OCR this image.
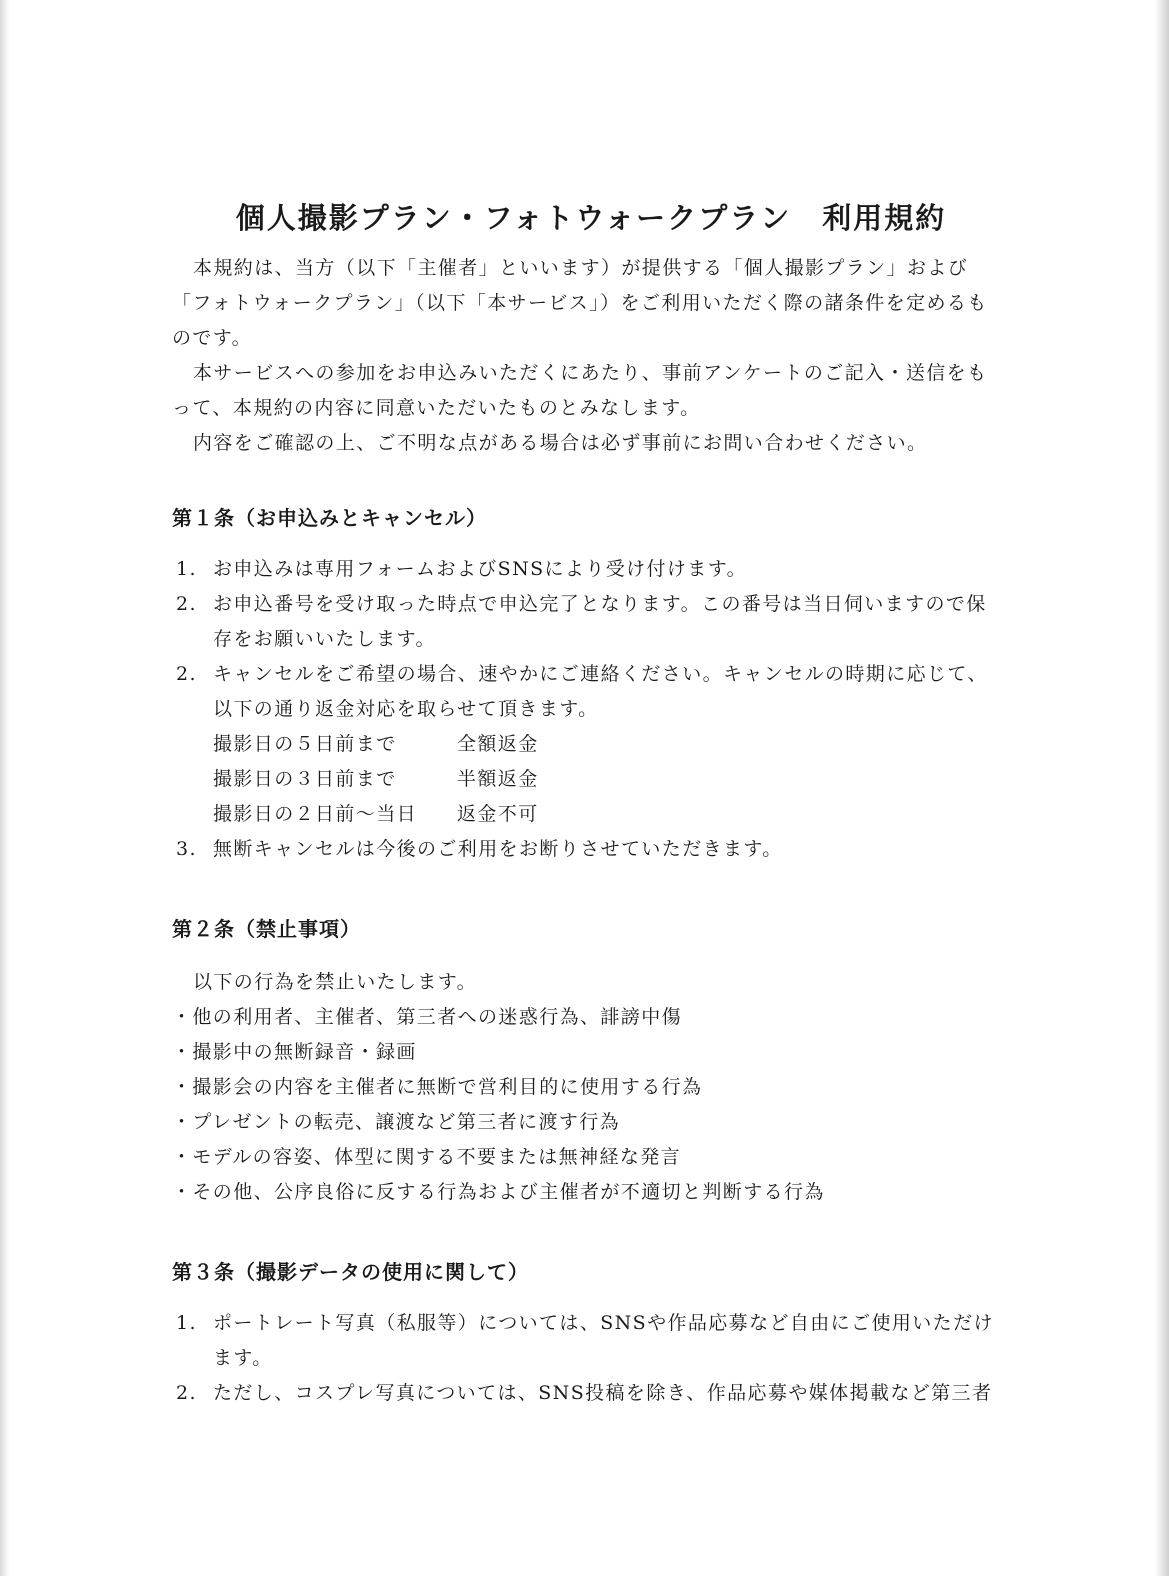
個人撮影プラン・フォトウォークプラン　利用規約

本規約は、当方（以下「主催者」といいます）が提供する「個人撮影プラン」および「フォトウォークプラン」（以下「本サービス」）をご利用いただく際の諸条件を定めるものです。

本サービスへの参加をお申込みいただくにあたり、事前アンケートのご記入・送信をもって、本規約の内容に同意いただいたものとみなします。

内容をご確認の上、ご不明な点がある場合は必ず事前にお問い合わせください。

第１条（お申込みとキャンセル）
1. お申込みは専用フォームおよびSNSにより受け付けます。
2. お申込番号を受け取った時点で申込完了となります。この番号は当日伺いますので保存をお願いいたします。
2. キャンセルをご希望の場合、速やかにご連絡ください。キャンセルの時期に応じて、以下の通り返金対応を取らせて頂きます。
撮影日の５日前まで	全額返金
撮影日の３日前まで	半額返金
撮影日の２日前〜当日	返金不可
3. 無断キャンセルは今後のご利用をお断りさせていただきます。
第２条（禁止事項）

以下の行為を禁止いたします。

・他の利用者、主催者、第三者への迷惑行為、誹謗中傷
・撮影中の無断録音・録画
・撮影会の内容を主催者に無断で営利目的に使用する行為
・プレゼントの転売、譲渡など第三者に渡す行為
・モデルの容姿、体型に関する不要または無神経な発言
・その他、公序良俗に反する行為および主催者が不適切と判断する行為
第３条（撮影データの使用に関して）
1. ポートレート写真（私服等）については、SNSや作品応募など自由にご使用いただけます。
2. ただし、コスプレ写真については、SNS投稿を除き、作品応募や媒体掲載など第三者
